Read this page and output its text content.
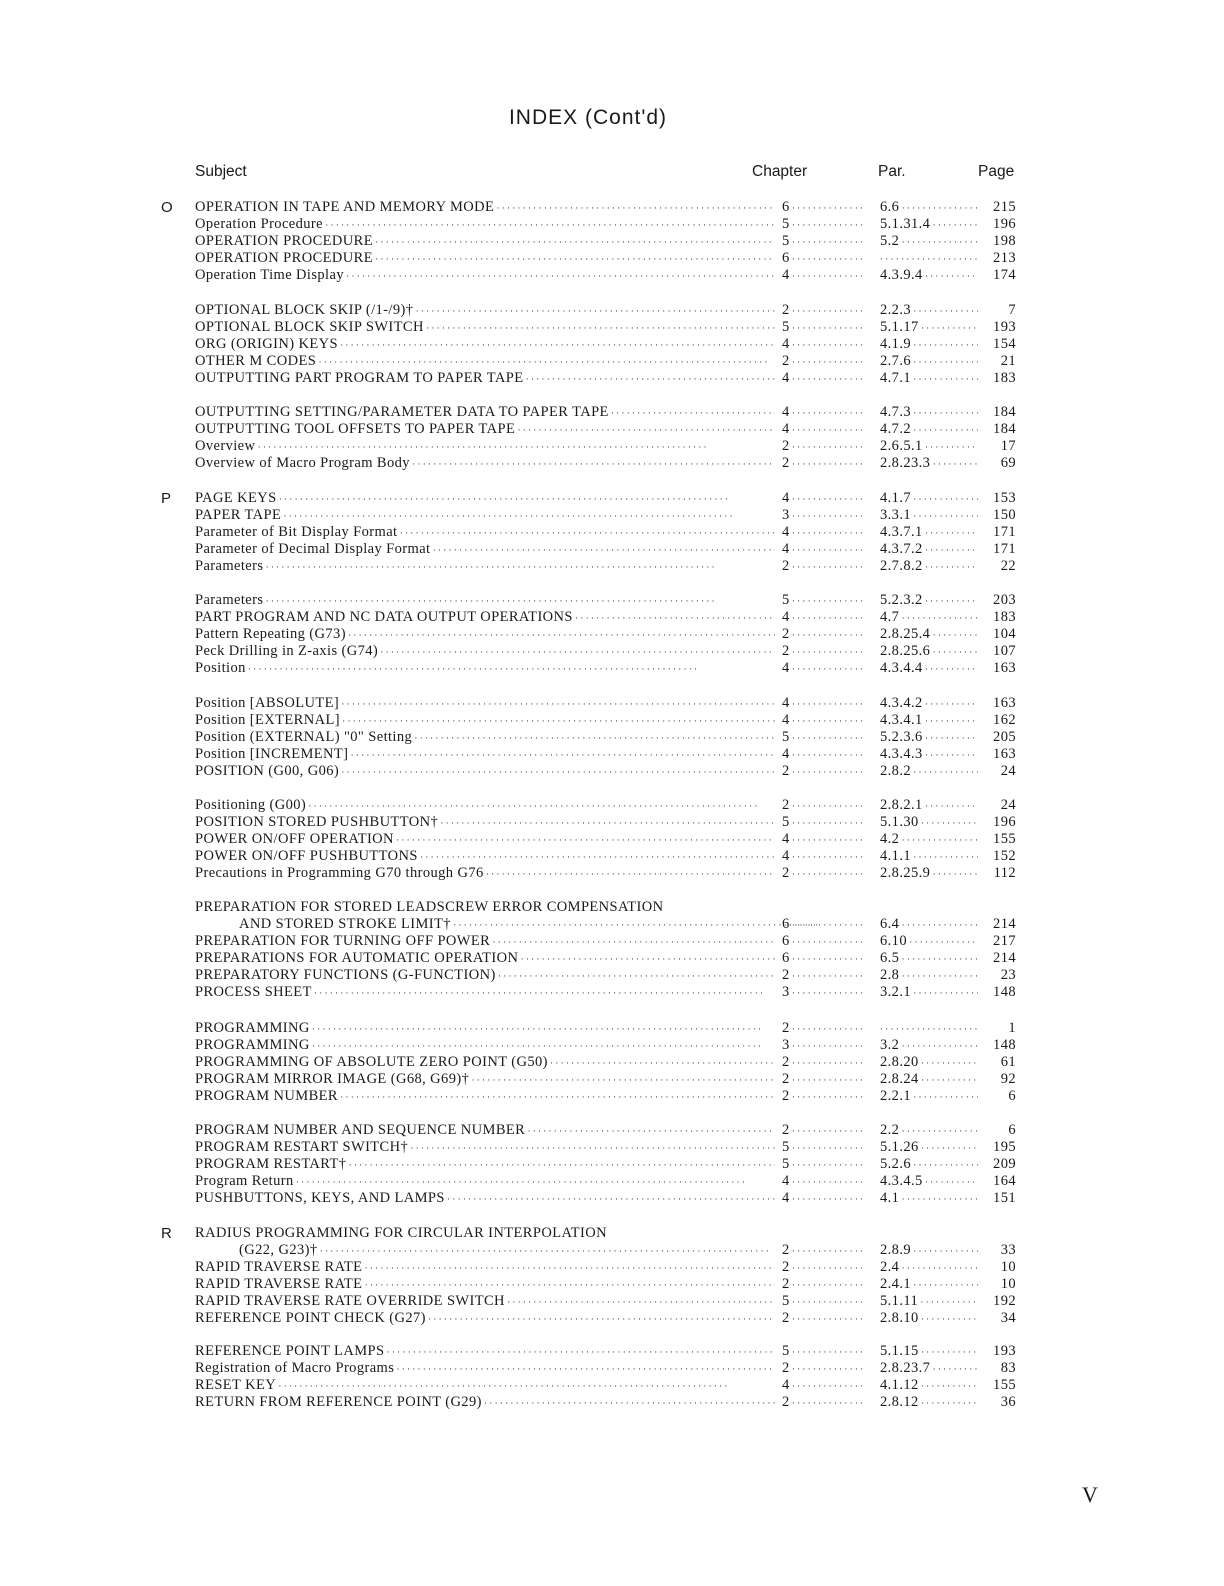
INDEX (Cont'd)
Subject	Chapter	Par.	Page
O OPERATION IN TAPE AND MEMORY MODE · · ·	6 · · ·	6.6 · · ·	215
Operation Procedure · · ·	5 · · ·	5.1.31.4 · · ·	196
OPERATION PROCEDURE · · ·	5 · · ·	5.2 · · ·	198
OPERATION PROCEDURE · · ·	6 · · · · · ·	213
Operation Time Display · · ·	4 · · ·	4.3.9.4 · · ·	174
OPTIONAL BLOCK SKIP (/1-/9)† · · ·	2 · · ·	2.2.3 · · ·	7
OPTIONAL BLOCK SKIP SWITCH · · ·	5 · · ·	5.1.17 · · ·	193
ORG (ORIGIN) KEYS · · ·	4 · · ·	4.1.9 · · ·	154
OTHER M CODES · · ·	2 · · ·	2.7.6 · · ·	21
OUTPUTTING PART PROGRAM TO PAPER TAPE · · ·	4 · · ·	4.7.1 · · ·	183
OUTPUTTING SETTING/PARAMETER DATA TO PAPER TAPE · · ·	4 · · ·	4.7.3 · · ·	184
OUTPUTTING TOOL OFFSETS TO PAPER TAPE · · ·	4 · · ·	4.7.2 · · ·	184
Overview · · ·	2 · · ·	2.6.5.1 · · ·	17
Overview of Macro Program Body · · ·	2 · · ·	2.8.23.3 · · ·	69
P PAGE KEYS · · ·	4 · · ·	4.1.7 · · ·	153
PAPER TAPE · · ·	3 · · ·	3.3.1 · · ·	150
Parameter of Bit Display Format · · ·	4 · · ·	4.3.7.1 · · ·	171
Parameter of Decimal Display Format · · ·	4 · · ·	4.3.7.2 · · ·	171
Parameters · · ·	2 · · ·	2.7.8.2 · · ·	22
Parameters · · ·	5 · · ·	5.2.3.2 · · ·	203
PART PROGRAM AND NC DATA OUTPUT OPERATIONS · · ·	4 · · ·	4.7 · · ·	183
Pattern Repeating (G73) · · ·	2 · · ·	2.8.25.4 · · ·	104
Peck Drilling in Z-axis (G74) · · ·	2 · · ·	2.8.25.6 · · ·	107
Position · · ·	4 · · ·	4.3.4.4 · · ·	163
Position [ABSOLUTE] · · ·	4 · · ·	4.3.4.2 · · ·	163
Position [EXTERNAL] · · ·	4 · · ·	4.3.4.1 · · ·	162
Position (EXTERNAL) "0" Setting · · ·	5 · · ·	5.2.3.6 · · ·	205
Position [INCREMENT] · · ·	4 · · ·	4.3.4.3 · · ·	163
POSITION (G00, G06) · · ·	2 · · ·	2.8.2 · · ·	24
Positioning (G00) · · ·	2 · · ·	2.8.2.1 · · ·	24
POSITION STORED PUSHBUTTON† · · ·	5 · · ·	5.1.30 · · ·	196
POWER ON/OFF OPERATION · · ·	4 · · ·	4.2 · · ·	155
POWER ON/OFF PUSHBUTTONS · · ·	4 · · ·	4.1.1 · · ·	152
Precautions in Programming G70 through G76 · · ·	2 · · ·	2.8.25.9 · · ·	112
PREPARATION FOR STORED LEADSCREW ERROR COMPENSATION
AND STORED STROKE LIMIT† · · ·	6 · · ·	6.4 · · ·	214
PREPARATION FOR TURNING OFF POWER · · ·	6 · · ·	6.10 · · ·	217
PREPARATIONS FOR AUTOMATIC OPERATION · · ·	6 · · ·	6.5 · · ·	214
PREPARATORY FUNCTIONS (G-FUNCTION) · · ·	2 · · ·	2.8 · · ·	23
PROCESS SHEET · · ·	3 · · ·	3.2.1 · · ·	148
PROGRAMMING · · ·	2 · · · · · ·	1
PROGRAMMING · · ·	3 · · ·	3.2 · · ·	148
PROGRAMMING OF ABSOLUTE ZERO POINT (G50) · · ·	2 · · ·	2.8.20 · · ·	61
PROGRAM MIRROR IMAGE (G68, G69)† · · ·	2 · · ·	2.8.24 · · ·	92
PROGRAM NUMBER · · ·	2 · · ·	2.2.1 · · ·	6
PROGRAM NUMBER AND SEQUENCE NUMBER · · ·	2 · · ·	2.2 · · ·	6
PROGRAM RESTART SWITCH† · · ·	5 · · ·	5.1.26 · · ·	195
PROGRAM RESTART† · · ·	5 · · ·	5.2.6 · · ·	209
Program Return · · ·	4 · · ·	4.3.4.5 · · ·	164
PUSHBUTTONS, KEYS, AND LAMPS · · ·	4 · · ·	4.1 · · ·	151
R RADIUS PROGRAMMING FOR CIRCULAR INTERPOLATION
(G22, G23)† · · ·	2 · · ·	2.8.9 · · ·	33
RAPID TRAVERSE RATE · · ·	2 · · ·	2.4 · · ·	10
RAPID TRAVERSE RATE · · ·	2 · · ·	2.4.1 · · ·	10
RAPID TRAVERSE RATE OVERRIDE SWITCH · · ·	5 · · ·	5.1.11 · · ·	192
REFERENCE POINT CHECK (G27) · · ·	2 · · ·	2.8.10 · · ·	34
REFERENCE POINT LAMPS · · ·	5 · · ·	5.1.15 · · ·	193
Registration of Macro Programs · · ·	2 · · ·	2.8.23.7 · · ·	83
RESET KEY · · ·	4 · · ·	4.1.12 · · ·	155
RETURN FROM REFERENCE POINT (G29) · · ·	2 · · ·	2.8.12 · · ·	36
V
